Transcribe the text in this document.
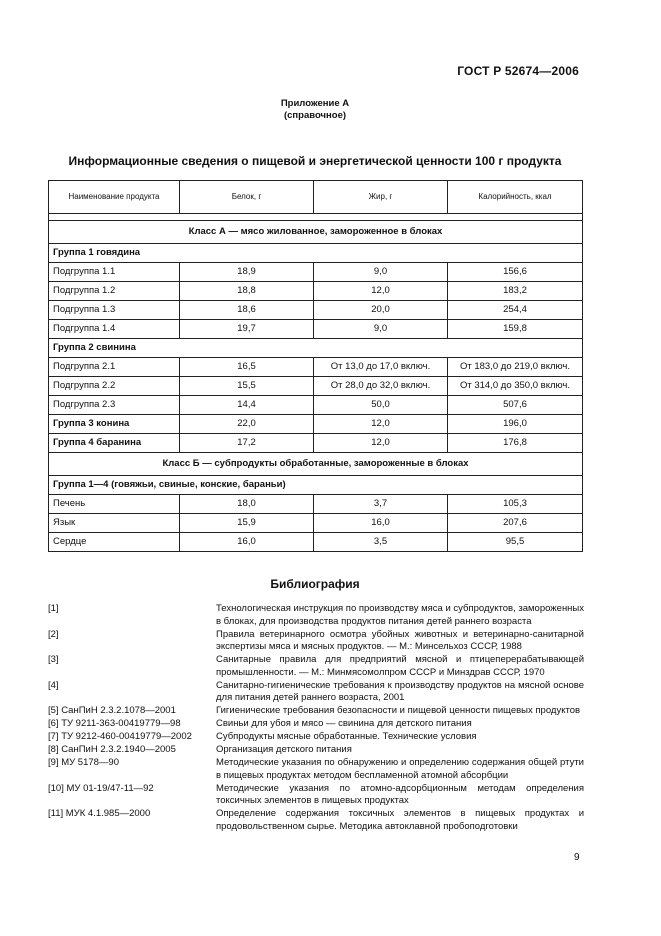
ГОСТ Р 52674—2006
Приложение А
(справочное)
Информационные сведения о пищевой и энергетической ценности 100 г продукта
Наименование продукта	Белок, г	Жир, г	Калорийность, ккал

Класс А — мясо жилованное, замороженное в блоках			
Группа 1 говядина			
Подгруппа 1.1	18,9	9,0	156,6
Подгруппа 1.2	18,8	12,0	183,2
Подгруппа 1.3	18,6	20,0	254,4
Подгруппа 1.4	19,7	9,0	159,8
Группа 2 свинина			
Подгруппа 2.1	16,5	От 13,0 до 17,0 включ.	От 183,0 до 219,0 включ.
Подгруппа 2.2	15,5	От 28,0 до 32,0 включ.	От 314,0 до 350,0 включ.
Подгруппа 2.3	14,4	50,0	507,6
Группа 3 конина	22,0	12,0	196,0
Группа 4 баранина	17,2	12,0	176,8
Класс Б — субпродукты обработанные, замороженные в блоках			
Группа 1—4 (говяжьи, свиные, конские, бараньи)			
Печень	18,0	3,7	105,3
Язык	15,9	16,0	207,6
Сердце	16,0	3,5	95,5
Библиография
[1]	Технологическая инструкция по производству мяса и субпродуктов, замороженных в блоках, для производства продуктов питания детей раннего возраста
[2]	Правила ветеринарного осмотра убойных животных и ветеринарно-санитарной экспертизы мяса и мясных продуктов. — М.: Минсельхоз СССР, 1988
[3]	Санитарные правила для предприятий мясной и птицеперерабатывающей промышленности. — М.: Минмясомолпром СССР и Минздрав СССР, 1970
[4]	Санитарно-гигиенические требования к производству продуктов на мясной основе для питания детей раннего возраста, 2001
[5] СанПиН 2.3.2.1078—2001	Гигиенические требования безопасности и пищевой ценности пищевых продуктов
[6] ТУ 9211-363-00419779—98	Свиньи для убоя и мясо — свинина для детского питания
[7] ТУ 9212-460-00419779—2002	Субпродукты мясные обработанные. Технические условия
[8] СанПиН 2.3.2.1940—2005	Организация детского питания
[9] МУ 5178—90	Методические указания по обнаружению и определению содержания общей ртути в пищевых продуктах методом беспламенной атомной абсорбции
[10] МУ 01-19/47-11—92	Методические указания по атомно-адсорбционным методам определения токсичных элементов в пищевых продуктах
[11] МУК 4.1.985—2000	Определение содержания токсичных элементов в пищевых продуктах и продовольственном сырье. Методика автоклавной пробоподготовки
9
